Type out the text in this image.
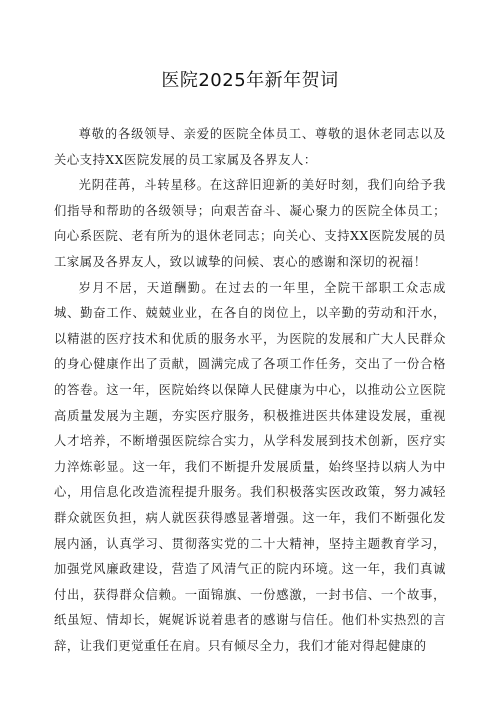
医院2025年新年贺词

尊敬的各级领导、亲爱的医院全体员工、尊敬的退休老同志以及关心支持XX医院发展的员工家属及各界友人：

光阴荏苒，斗转星移。在这辞旧迎新的美好时刻，我们向给予我们指导和帮助的各级领导；向艰苦奋斗、凝心聚力的医院全体员工；向心系医院、老有所为的退休老同志；向关心、支持XX医院发展的员工家属及各界友人，致以诚挚的问候、衷心的感谢和深切的祝福！

岁月不居，天道酬勤。在过去的一年里，全院干部职工众志成城、勤奋工作、兢兢业业，在各自的岗位上，以辛勤的劳动和汗水，以精湛的医疗技术和优质的服务水平，为医院的发展和广大人民群众的身心健康作出了贡献，圆满完成了各项工作任务，交出了一份合格的答卷。这一年，医院始终以保障人民健康为中心，以推动公立医院高质量发展为主题，夯实医疗服务，积极推进医共体建设发展，重视人才培养，不断增强医院综合实力，从学科发展到技术创新，医疗实力淬炼彰显。这一年，我们不断提升发展质量，始终坚持以病人为中心，用信息化改造流程提升服务。我们积极落实医改政策，努力减轻群众就医负担，病人就医获得感显著增强。这一年，我们不断强化发展内涵，认真学习、贯彻落实党的二十大精神，坚持主题教育学习，加强党风廉政建设，营造了风清气正的院内环境。这一年，我们真诚付出，获得群众信赖。一面锦旗、一份感激，一封书信、一个故事，纸虽短、情却长，娓娓诉说着患者的感谢与信任。他们朴实热烈的言辞，让我们更觉重任在肩。只有倾尽全力，我们才能对得起健康的
